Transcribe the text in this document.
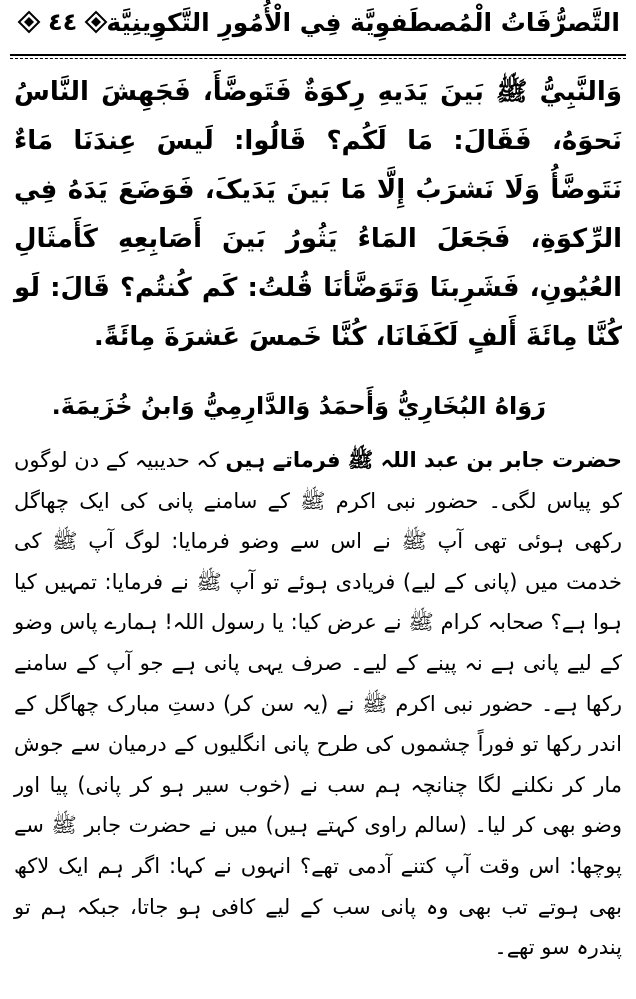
التَّصرُّفَاتُ الْمُصطَفوِيَّة فِي الْأُمُورِ التَّكوِينِيَّة
٤٤

وَالنَّبِيُّ ﷺ بَينَ يَدَيهِ رِكوَةٌ فَتَوضَّأَ، فَجَهِشَ النَّاسُ نَحوَهُ، فَقَالَ: مَا لَكُم؟ قَالُوا: لَيسَ عِندَنَا مَاءٌ نَتَوضَّأُ وَلَا نَشرَبُ إِلَّا مَا بَينَ يَدَيکَ، فَوَضَعَ يَدَهُ فِي الرِّکوَةِ، فَجَعَلَ المَاءُ يَثُورُ بَينَ أَصَابِعِهِ کَأَمثَالِ العُيُونِ، فَشَرِبنَا وَتَوَضَّأنَا قُلتُ: کَم کُنتُم؟ قَالَ: لَو کُنَّا مِائَةَ أَلفٍ لَکَفَانَا، کُنَّا خَمسَ عَشرَةَ مِائَةً.

رَوَاهُ البُخَارِيُّ وَأَحمَدُ وَالدَّارِمِيُّ وَابنُ خُزَيمَةَ.

حضرت جابر بن عبد اللہ ﷺ فرماتے ہیں کہ حدیبیہ کے دن لوگوں کو پیاس لگی۔ حضور نبی اکرم ﷺ کے سامنے پانی کی ایک چھاگل رکھی ہوئی تھی آپ ﷺ نے اس سے وضو فرمایا: لوگ آپ ﷺ کی خدمت میں (پانی کے لیے) فریادی ہوئے تو آپ ﷺ نے فرمایا: تمہیں کیا ہوا ہے؟ صحابہ کرام ﷺ نے عرض کیا: یا رسول اللہ! ہمارے پاس وضو کے لیے پانی ہے نہ پینے کے لیے۔ صرف یہی پانی ہے جو آپ کے سامنے رکھا ہے۔ حضور نبی اکرم ﷺ نے (یہ سن کر) دستِ مبارک چھاگل کے اندر رکھا تو فوراً چشموں کی طرح پانی انگلیوں کے درمیان سے جوش مار کر نکلنے لگا چنانچہ ہم سب نے (خوب سیر ہو کر پانی) پیا اور وضو بھی کر لیا۔ (سالم راوی کہتے ہیں) میں نے حضرت جابر ﷺ سے پوچھا: اس وقت آپ کتنے آدمی تھے؟ انہوں نے کہا: اگر ہم ایک لاکھ بھی ہوتے تب بھی وہ پانی سب کے لیے کافی ہو جاتا، جبکہ ہم تو پندرہ سو تھے۔
